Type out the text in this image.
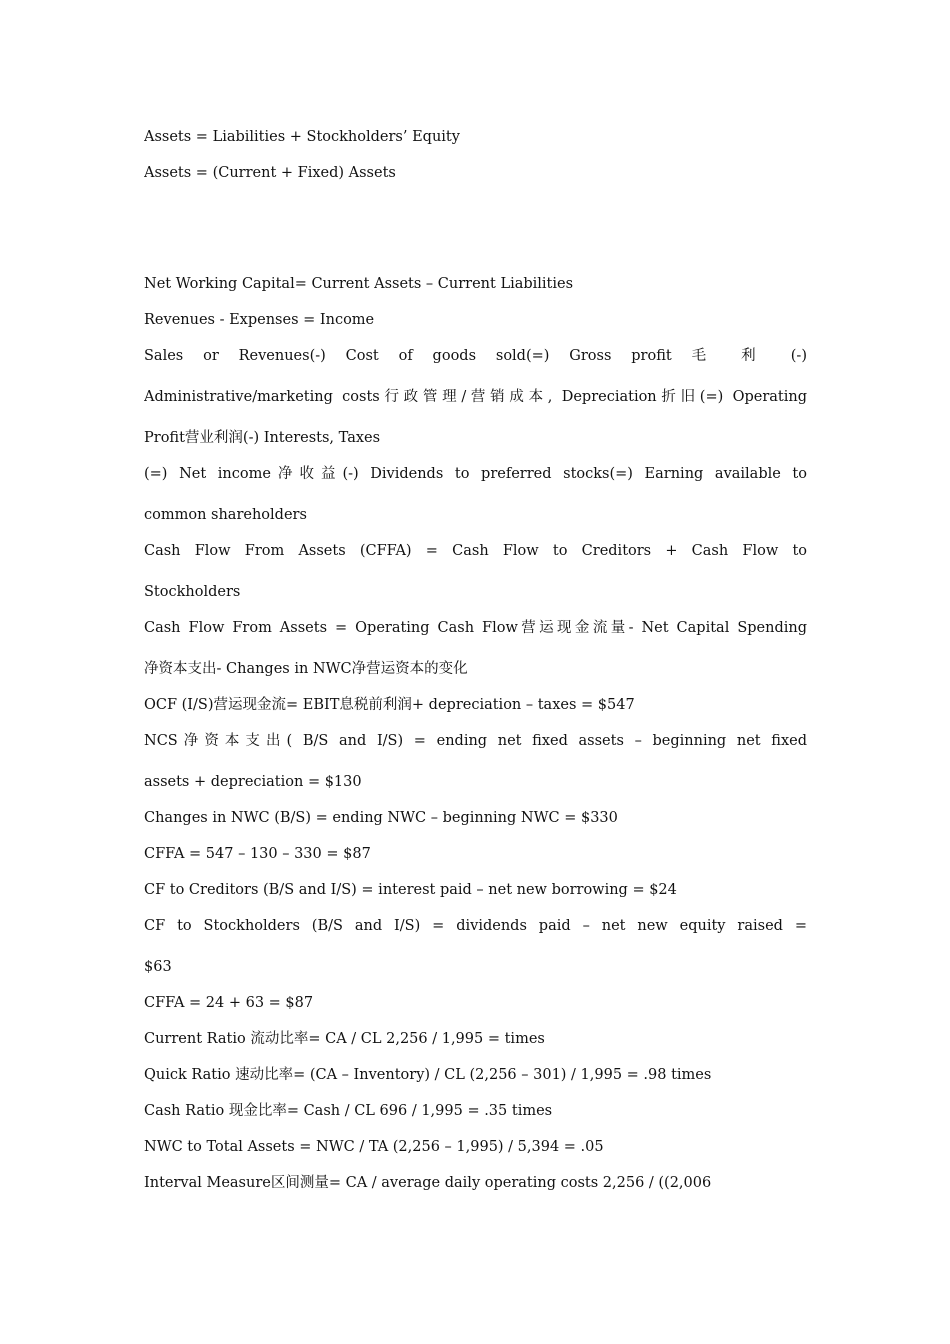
Assets = Liabilities + Stockholders’ Equity
Assets = (Current + Fixed) Assets
Net Working Capital= Current Assets – Current Liabilities
Revenues - Expenses = Income
Sales or Revenues(-) Cost of goods sold(=) Gross profit 毛 利 (-)
Administrative/marketing costs行政管理/营销成本, Depreciation折旧(=) Operating
Profit营业利润(-) Interests, Taxes
(=) Net income净收益(-) Dividends to preferred stocks(=) Earning available to
common shareholders
Cash Flow From Assets (CFFA) = Cash Flow to Creditors + Cash Flow to
Stockholders
Cash Flow From Assets = Operating Cash Flow营运现金流量- Net Capital Spending
净资本支出- Changes in NWC净营运资本的变化
OCF (I/S)营运现金流= EBIT息税前利润+ depreciation – taxes = $547
NCS净资本支出( B/S and I/S) = ending net fixed assets – beginning net fixed
assets + depreciation = $130
Changes in NWC (B/S) = ending NWC – beginning NWC = $330
CFFA = 547 – 130 – 330 = $87
CF to Creditors (B/S and I/S) = interest paid – net new borrowing = $24
CF to Stockholders (B/S and I/S) = dividends paid – net new equity raised =
$63
CFFA = 24 + 63 = $87
Current Ratio 流动比率= CA / CL 2,256 / 1,995 = times
Quick Ratio 速动比率= (CA – Inventory) / CL (2,256 – 301) / 1,995 = .98 times
Cash Ratio 现金比率= Cash / CL 696 / 1,995 = .35 times
NWC to Total Assets = NWC / TA (2,256 – 1,995) / 5,394 = .05
Interval Measure区间测量= CA / average daily operating costs 2,256 / ((2,006
